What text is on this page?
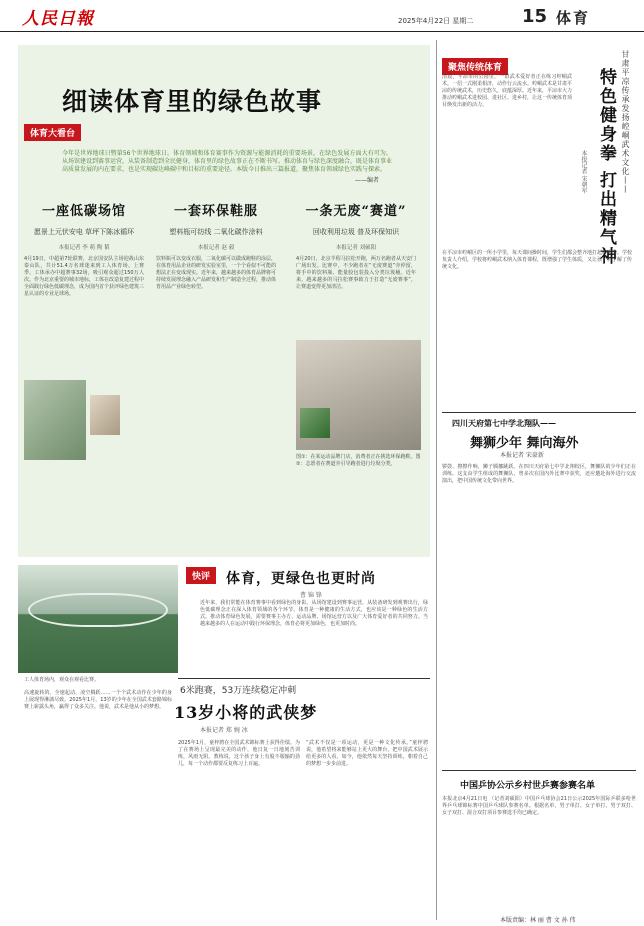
人民日報	2025年4月22日 星期二	15 体育
细读体育里的绿色故事
体育大看台
今年是世界地球日暨第56个世界地球日。体育领域和体育赛事作为资源与能源消耗的重要场景，在绿色发展方面大有可为。从场馆建设到赛事运营，从装备制造到全民健身，体育里的绿色故事正在不断书写。推动体育与绿色深度融合，既是体育事业高质量发展的内在要求，也是实现碳达峰碳中和目标的重要途径。本版今日推出三篇报道，聚焦体育领域绿色实践与探索。
——编者
一座低碳场馆
愿景上元伏安电 草坪下陈冰循环
本报记者 李 萌 陶 韬
4月19日，中超第7轮联赛，北京国安队主场迎战山东泰山队，共计51.4万名球迷来到工人体育场。上赛季，工体承办中超赛事32场，吸引观众超过150万人次。作为北京重要的城市地标，工体在改造复建过程中全面践行绿色低碳理念，成为国内首个获评绿色建筑三星认证的专业足球场。
一套环保鞋服
塑料瓶可纺线 二氧化碳作涂料
本报记者 赵 毅
饮料瓶可以变成衣服，二氧化碳可以做成跑鞋的涂层，在体育用品企业的研发实验室里，一个个看似不可能的想法正在变成现实。近年来，越来越多的体育品牌将可持续发展理念融入产品研发和生产制造全过程，推动体育用品产业绿色转型。
一条无废“赛道”
回收利用垃圾 普及环保知识
本报记者 刘硕阳
4月20日，北京半程马拉松开跑，两万名跑者从天安门广场出发。比赛中，不少跑者在“无废赛道”旁停留，将手中的饮料瓶、能量胶包装投入分类垃圾桶。近年来，越来越多的马拉松赛事致力于打造“无废赛事”，让赛道变得更加清洁。
图①：在某运动品牌门店，消费者正在挑选环保跑鞋。图②：志愿者在赛道旁引导跑者进行垃圾分类。
工人体育场内，观众在观看比赛。
快评	体育，更绿色也更时尚
曹 锦 锋
近年来，我们常能在体育赛事中看到绿色的身影。从场馆建设到赛事运营，从装备研发到观赛出行，绿色低碳理念正在深入体育领域的各个环节。体育是一种健康的生活方式，也应该是一种绿色的生活方式。推动体育绿色发展，需要赛事主办方、运动品牌、场馆运营方以及广大体育爱好者的共同努力。当越来越多的人在运动中践行环保理念，体育必将更加绿色，也更加时尚。
6米跑赛，53万连续稳定冲刺
13岁小将的武侠梦
本报记者 郑 婉 冰
高速旋转的、全速起动、凌空腾跃……一个个武术动作在少年的身上展现得淋漓尽致。2025年1月，13岁的少年在全国武术套路锦标赛上崭露头角，赢得了众多关注。他说，武术是他从小的梦想。
2025年1月，童梓骋在全国武术锦标赛上获得佳绩。为了在赛场上呈现最完美的动作，他日复一日地刻苦训练，风雨无阻。教练说，这个孩子身上有股不服输的劲儿，每一个动作都要反复练习上百遍。
“武术不仅是一项运动，更是一种文化传承。”童梓骋说，他希望将来能够站上更大的舞台，把中国武术展示给更多的人看。如今，他依然每天坚持训练，朝着自己的梦想一步步前进。
聚焦传统体育	甘肃平凉传承发扬崆峒武术文化——
特色健身拳 打出精气神
本报记者 宋朝军
清晨，平凉市的公园里，一群武术爱好者正在练习崆峒武术。一招一式刚柔相济，动作行云流水。崆峒武术是甘肃平凉的传统武术，历史悠久，底蕴深厚。近年来，平凉市大力推动崆峒武术进校园、进社区、进乡村，让这一传统体育项目焕发出新的活力。
在平凉市崆峒区的一所小学里，每天课间操时间，学生们都会整齐地打起崆峒拳。学校负责人介绍，学校将崆峒武术纳入体育课程，既增强了学生体质，又让孩子们了解了传统文化。
四川天府第七中学北翔队——
舞狮少年 舞向海外
本报记者 宋豪新
锣鼓、擦擦作响，狮子腾挪跳跃。在四川天府第七中学北翔校区，舞狮队的少年们正在训练。这支由学生组成的舞狮队，曾多次在国内外比赛中获奖，还应邀赴海外进行交流演出，把中国传统文化带向世界。
中国乒协公示乡村世乒赛参赛名单
本报北京4月21日电 （记者刘硕阳）中国乒乓球协会21日公示2025年国际乒联多哈世界乒乓球锦标赛中国乒乓球队参赛名单。根据名单，男子单打、女子单打、男子双打、女子双打、混合双打项目参赛选手均已确定。
本版责编：林 丽 曹 文 孙 伟
